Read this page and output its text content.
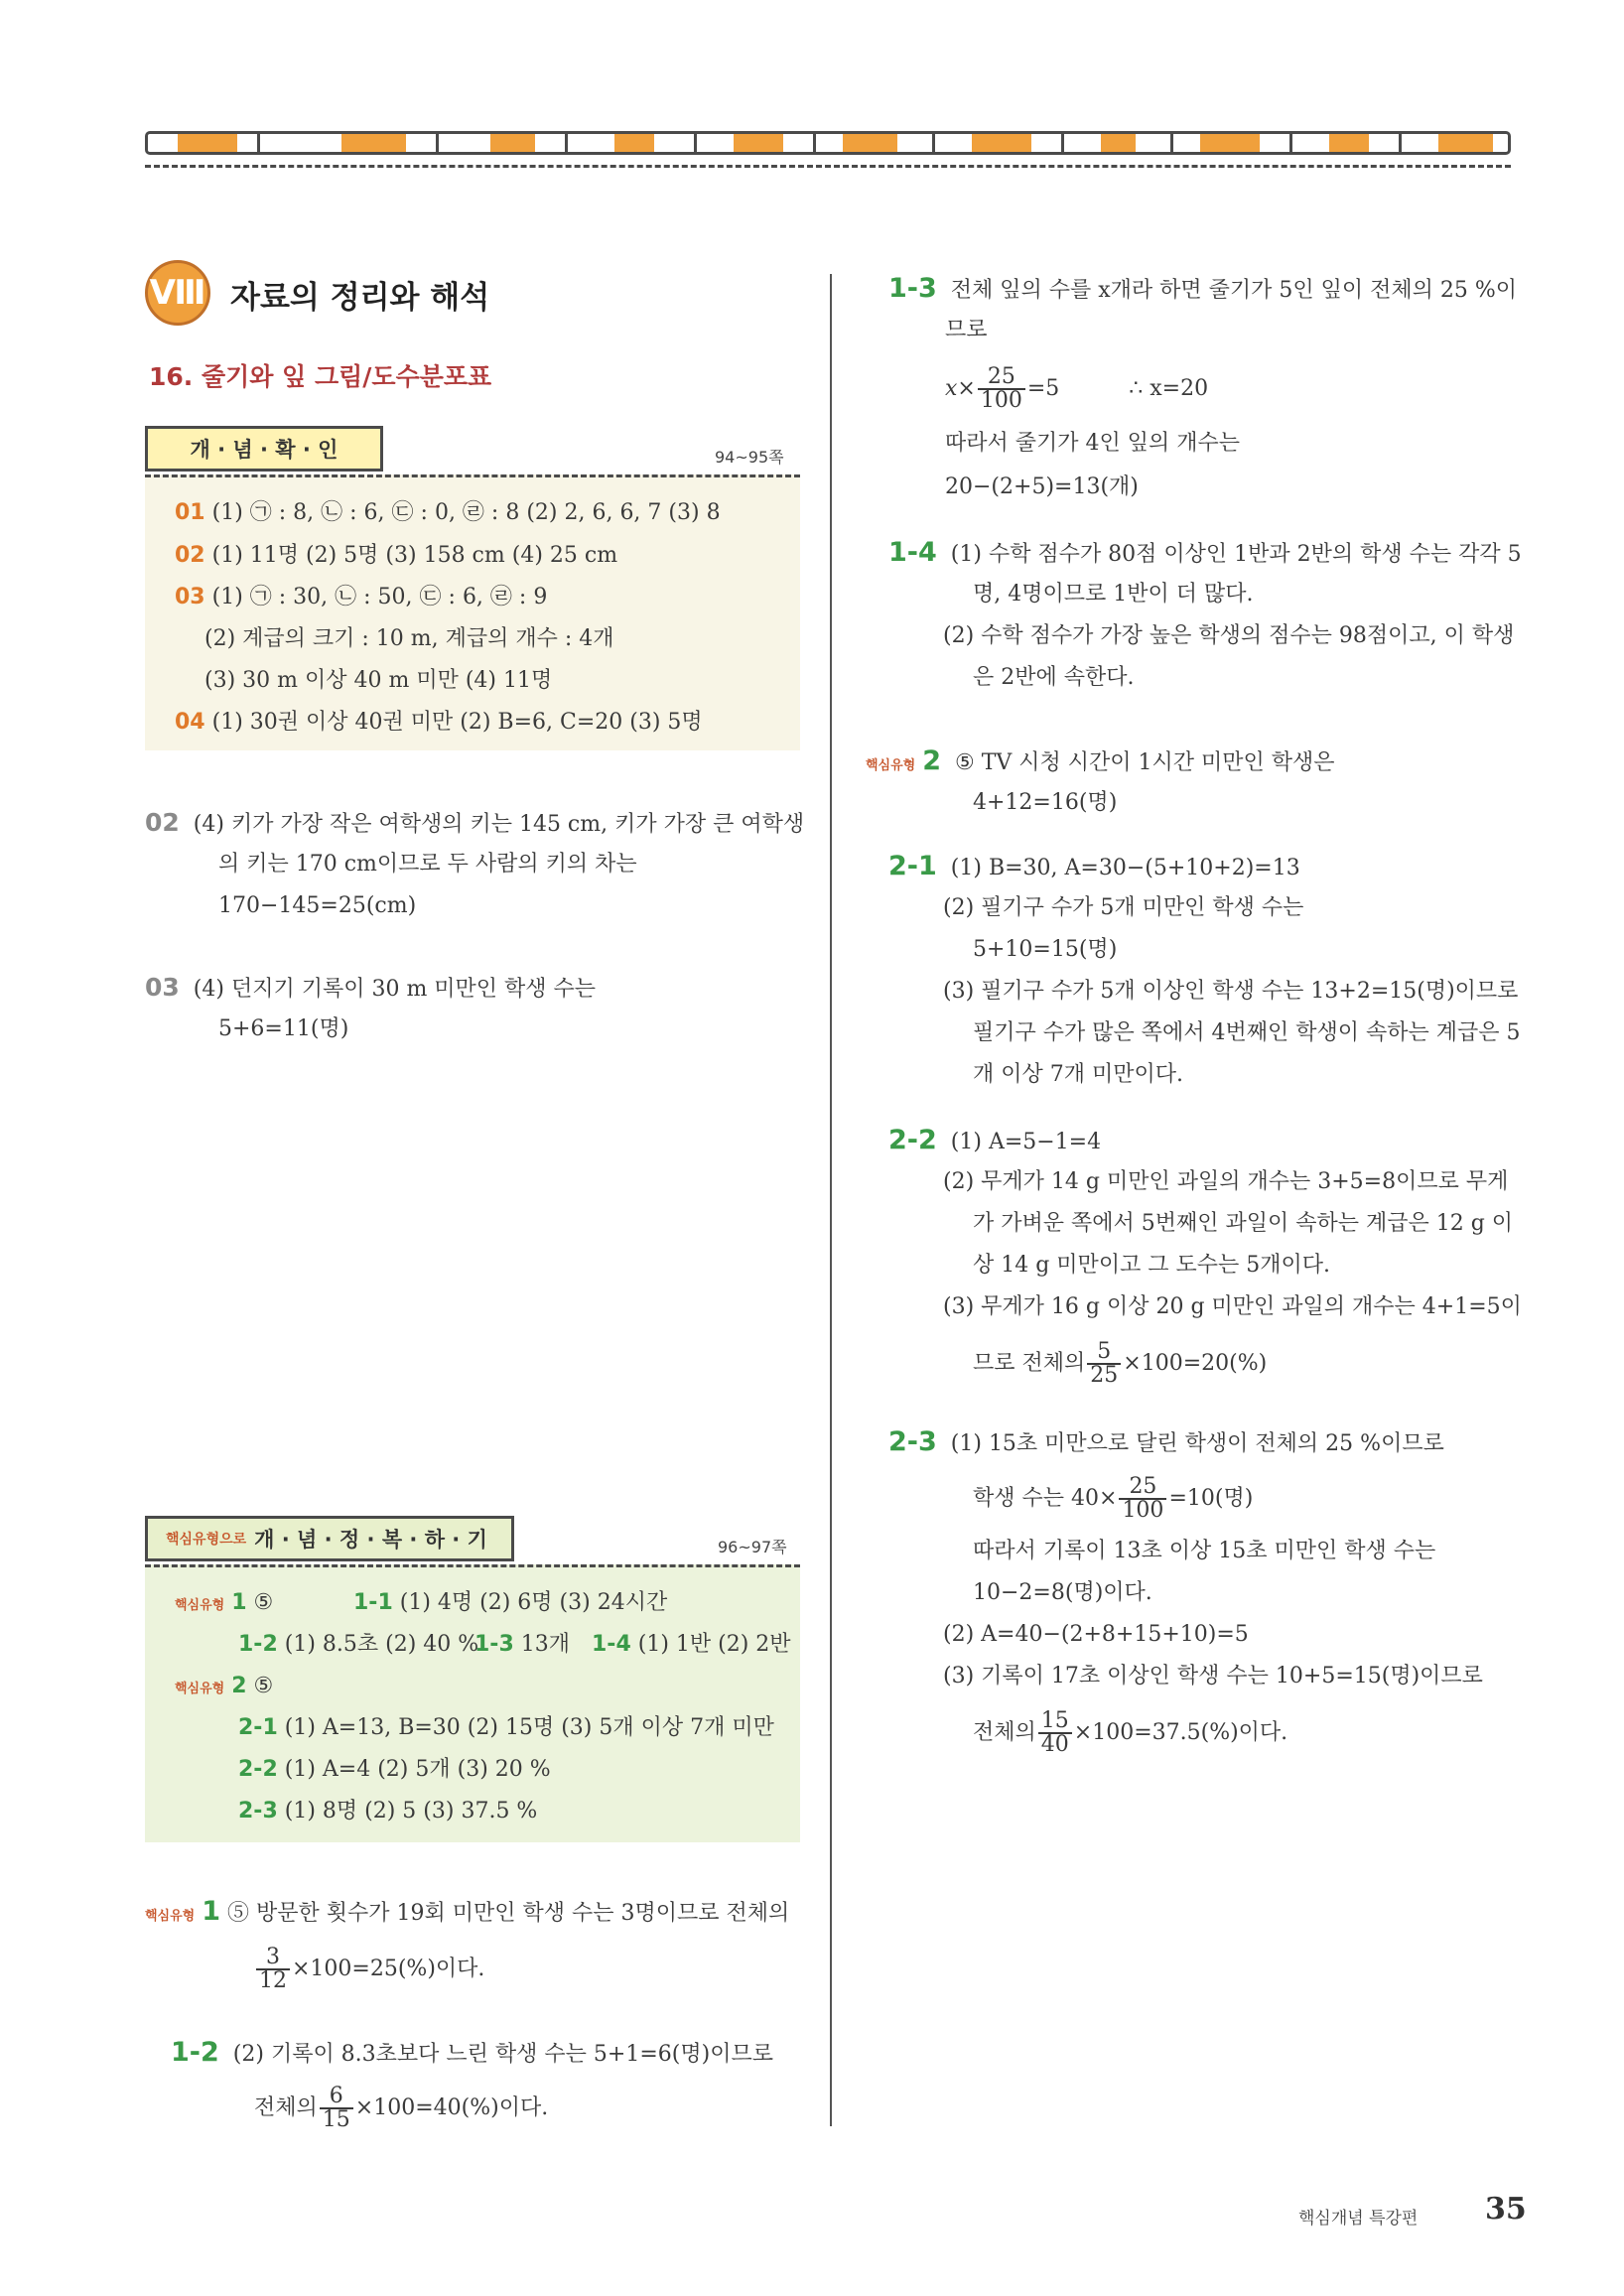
Ⅷ 자료의 정리와 해석
16. 줄기와 잎 그림/도수분포표
개 · 념 · 확 · 인	94~95쪽
01 (1) ㉠ : 8, ㉡ : 6, ㉢ : 0, ㉣ : 8 (2) 2, 6, 6, 7 (3) 8
02 (1) 11명 (2) 5명 (3) 158 cm (4) 25 cm
03 (1) ㉠ : 30, ㉡ : 50, ㉢ : 6, ㉣ : 9
(2) 계급의 크기 : 10 m, 계급의 개수 : 4개
(3) 30 m 이상 40 m 미만 (4) 11명
04 (1) 30권 이상 40권 미만 (2) B=6, C=20 (3) 5명
02 (4) 키가 가장 작은 여학생의 키는 145 cm, 키가 가장 큰 여학생
의 키는 170 cm이므로 두 사람의 키의 차는
170−145=25(cm)
03 (4) 던지기 기록이 30 m 미만인 학생 수는
5+6=11(명)
핵심유형으로 개 · 념 · 정 · 복 · 하 · 기	96~97쪽
핵심유형 1 ⑤	1-1 (1) 4명 (2) 6명 (3) 24시간
1-2 (1) 8.5초 (2) 40 %
1-3 13개 1-4 (1) 1반 (2) 2반
핵심유형 2 ⑤
2-1 (1) A=13, B=30 (2) 15명 (3) 5개 이상 7개 미만
2-2 (1) A=4 (2) 5개 (3) 20 %
2-3 (1) 8명 (2) 5 (3) 37.5 %
핵심유형 1 ⑤ 방문한 횟수가 19회 미만인 학생 수는 3명이므로 전체의
$\frac{3}{12} \times 100=25(\%)$이다.
1-2 (2) 기록이 8.3초보다 느린 학생 수는 5+1=6(명)이므로
전체의 $\frac{6}{15} \times 100=40(\%)$이다.
1-3 전체 잎의 수를 x개라 하면 줄기가 5인 잎이 전체의 25 %이
므로
$x\times \frac{25}{100} =5$	∴ x=20
따라서 줄기가 4인 잎의 개수는
20−(2+5)=13(개)
1-4 (1) 수학 점수가 80점 이상인 1반과 2반의 학생 수는 각각 5
명, 4명이므로 1반이 더 많다.
(2) 수학 점수가 가장 높은 학생의 점수는 98점이고, 이 학생
은 2반에 속한다.
핵심유형 2 ⑤ TV 시청 시간이 1시간 미만인 학생은
4+12=16(명)
2-1 (1) B=30, A=30−(5+10+2)=13
(2) 필기구 수가 5개 미만인 학생 수는
5+10=15(명)
(3) 필기구 수가 5개 이상인 학생 수는 13+2=15(명)이므로
필기구 수가 많은 쪽에서 4번째인 학생이 속하는 계급은 5
개 이상 7개 미만이다.
2-2 (1) A=5−1=4
(2) 무게가 14 g 미만인 과일의 개수는 3+5=8이므로 무게
가 가벼운 쪽에서 5번째인 과일이 속하는 계급은 12 g 이
상 14 g 미만이고 그 도수는 5개이다.
(3) 무게가 16 g 이상 20 g 미만인 과일의 개수는 4+1=5이
므로 전체의 $\frac{5}{25} \times 100=20(\%)$
2-3 (1) 15초 미만으로 달린 학생이 전체의 25 %이므로
학생 수는 $40\times \frac{25}{100} =10$(명)
따라서 기록이 13초 이상 15초 미만인 학생 수는
10−2=8(명)이다.
(2) A=40−(2+8+15+10)=5
(3) 기록이 17초 이상인 학생 수는 10+5=15(명)이므로
전체의 $\frac{15}{40} \times 100=37.5(\%)$이다.
핵심개념 특강편 35
